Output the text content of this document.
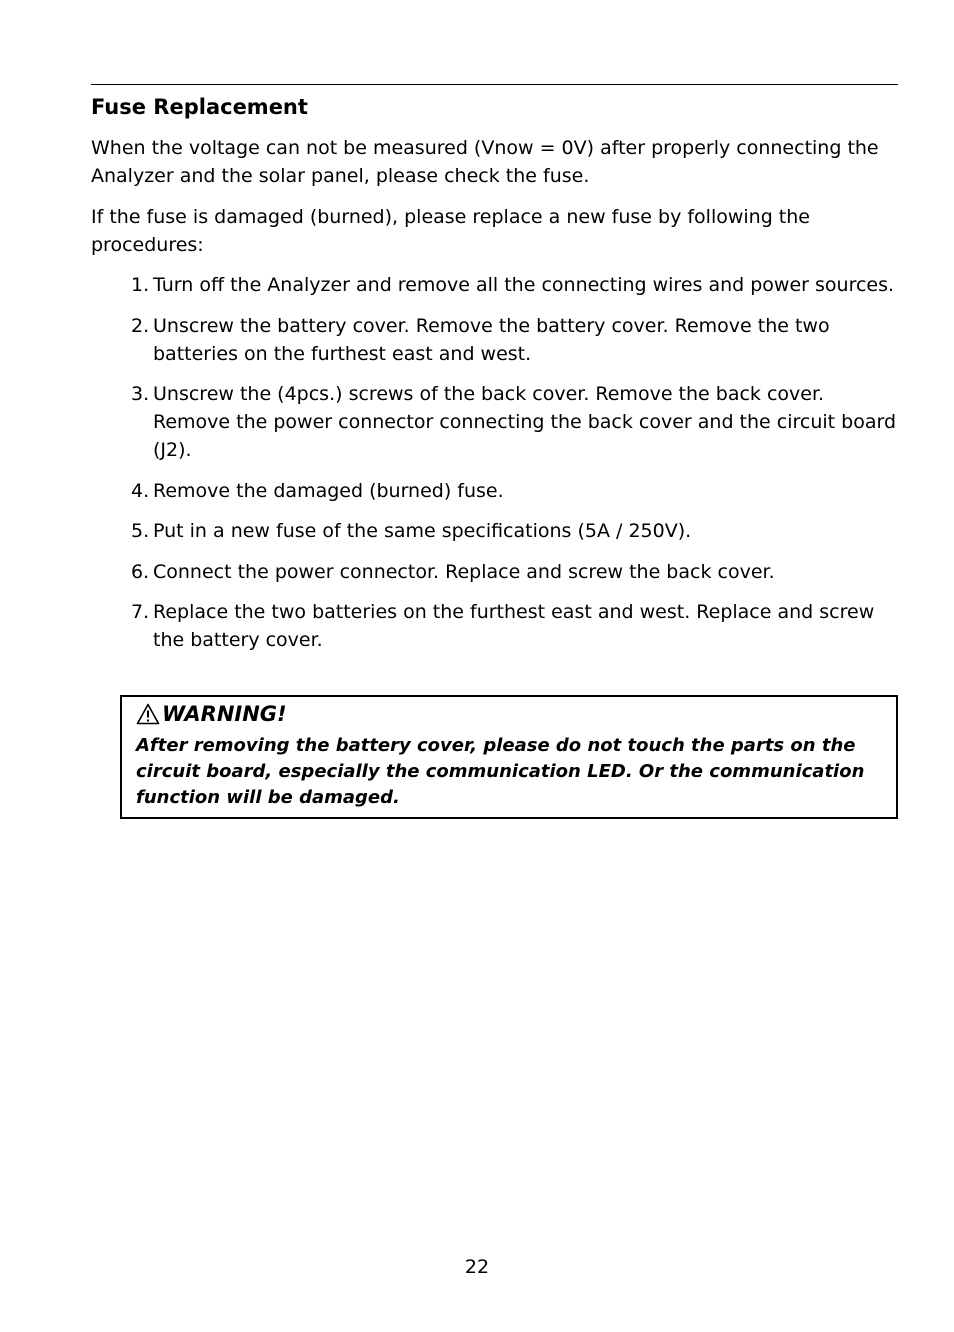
Fuse Replacement
When the voltage can not be measured (Vnow = 0V) after properly connecting the Analyzer and the solar panel, please check the fuse.
If the fuse is damaged (burned), please replace a new fuse by following the procedures:
1. Turn off the Analyzer and remove all the connecting wires and power sources.
2. Unscrew the battery cover. Remove the battery cover. Remove the two batteries on the furthest east and west.
3. Unscrew the (4pcs.) screws of the back cover. Remove the back cover. Remove the power connector connecting the back cover and the circuit board (J2).
4. Remove the damaged (burned) fuse.
5. Put in a new fuse of the same specifications (5A / 250V).
6. Connect the power connector. Replace and screw the back cover.
7. Replace the two batteries on the furthest east and west. Replace and screw the battery cover.
WARNING!
After removing the battery cover, please do not touch the parts on the circuit board, especially the communication LED. Or the communication function will be damaged.
22
